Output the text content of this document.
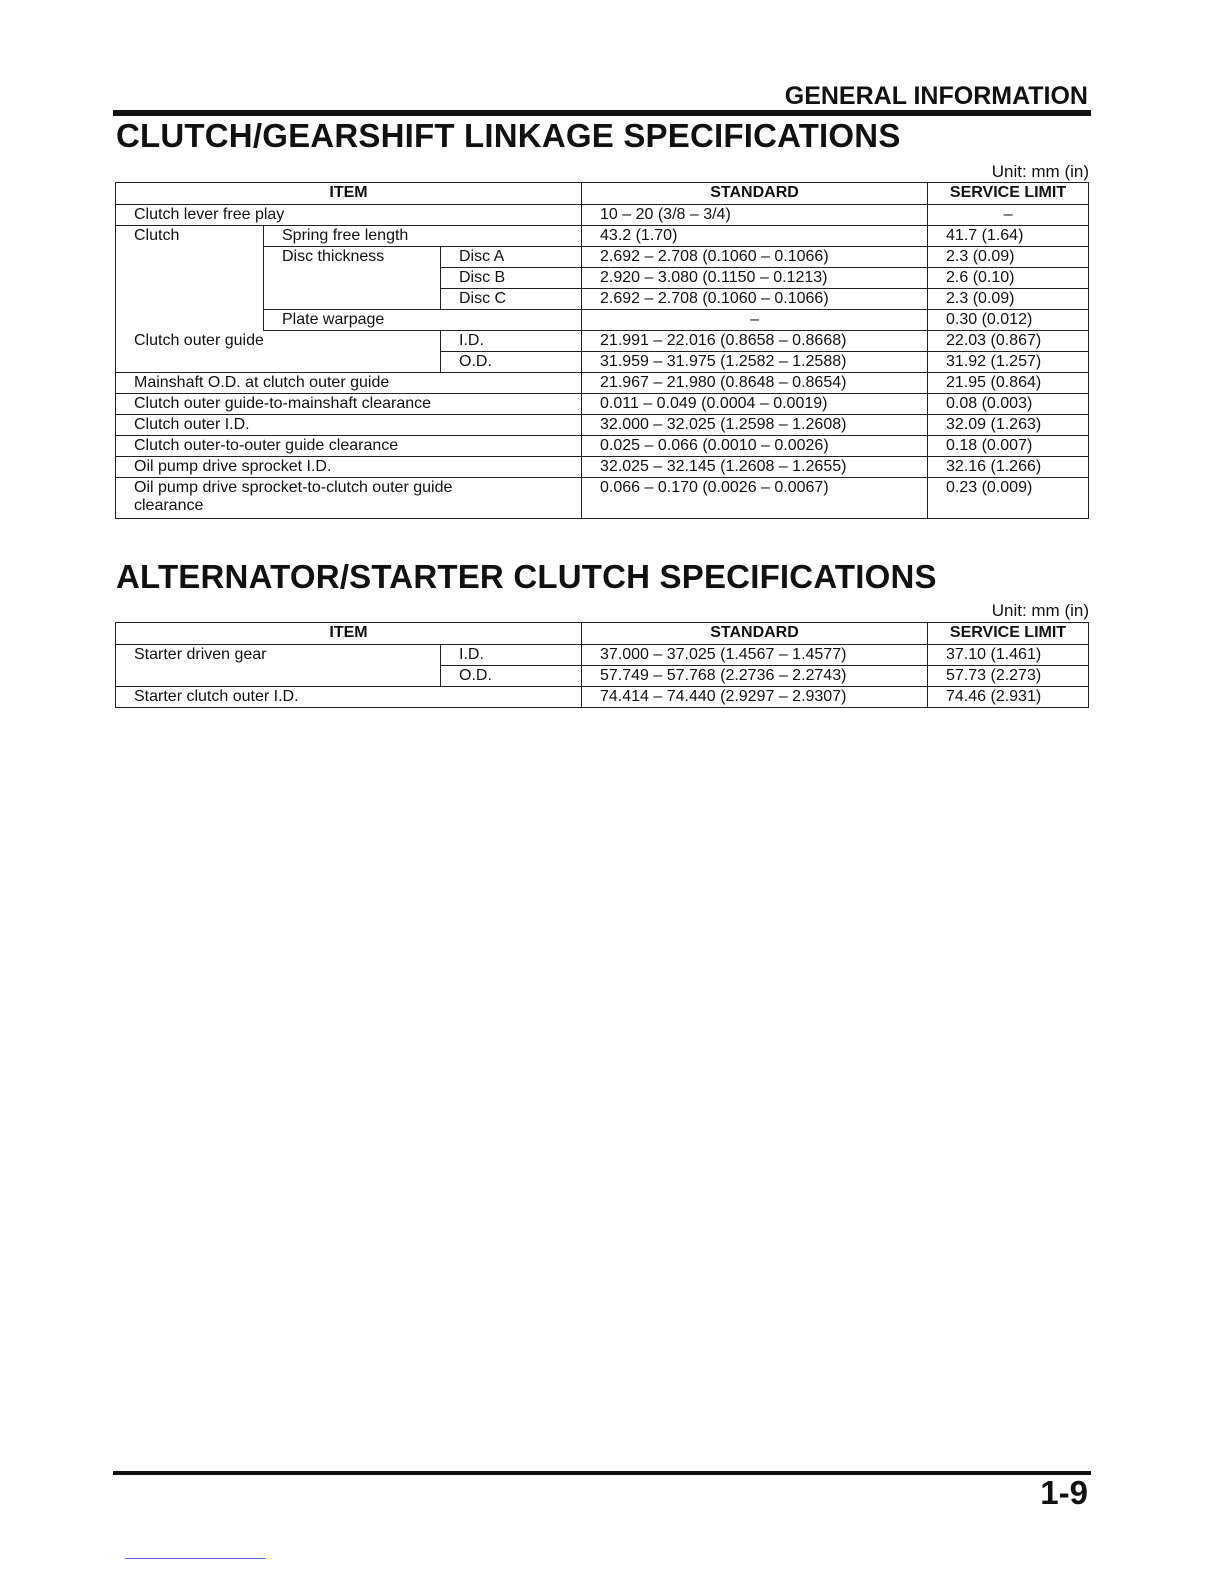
GENERAL INFORMATION
CLUTCH/GEARSHIFT LINKAGE SPECIFICATIONS
Unit: mm (in)
ITEM			STANDARD	SERVICE LIMIT
Clutch lever free play			10 – 20 (3/8 – 3/4)	–
Clutch	Spring free length		43.2 (1.70)	41.7 (1.64)
	Disc thickness	Disc A	2.692 – 2.708 (0.1060 – 0.1066)	2.3 (0.09)
		Disc B	2.920 – 3.080 (0.1150 – 0.1213)	2.6 (0.10)
		Disc C	2.692 – 2.708 (0.1060 – 0.1066)	2.3 (0.09)
	Plate warpage		–	0.30 (0.012)
Clutch outer guide		I.D.	21.991 – 22.016 (0.8658 – 0.8668)	22.03 (0.867)
		O.D.	31.959 – 31.975 (1.2582 – 1.2588)	31.92 (1.257)
Mainshaft O.D. at clutch outer guide			21.967 – 21.980 (0.8648 – 0.8654)	21.95 (0.864)
Clutch outer guide-to-mainshaft clearance			0.011 – 0.049 (0.0004 – 0.0019)	0.08 (0.003)
Clutch outer I.D.			32.000 – 32.025 (1.2598 – 1.2608)	32.09 (1.263)
Clutch outer-to-outer guide clearance			0.025 – 0.066 (0.0010 – 0.0026)	0.18 (0.007)
Oil pump drive sprocket I.D.			32.025 – 32.145 (1.2608 – 1.2655)	32.16 (1.266)
Oil pump drive sprocket-to-clutch outer guide clearance			0.066 – 0.170 (0.0026 – 0.0067)	0.23 (0.009)
ALTERNATOR/STARTER CLUTCH SPECIFICATIONS
Unit: mm (in)
ITEM		STANDARD	SERVICE LIMIT
Starter driven gear	I.D.	37.000 – 37.025 (1.4567 – 1.4577)	37.10 (1.461)
	O.D.	57.749 – 57.768 (2.2736 – 2.2743)	57.73 (2.273)
Starter clutch outer I.D.		74.414 – 74.440 (2.9297 – 2.9307)	74.46 (2.931)
1-9
